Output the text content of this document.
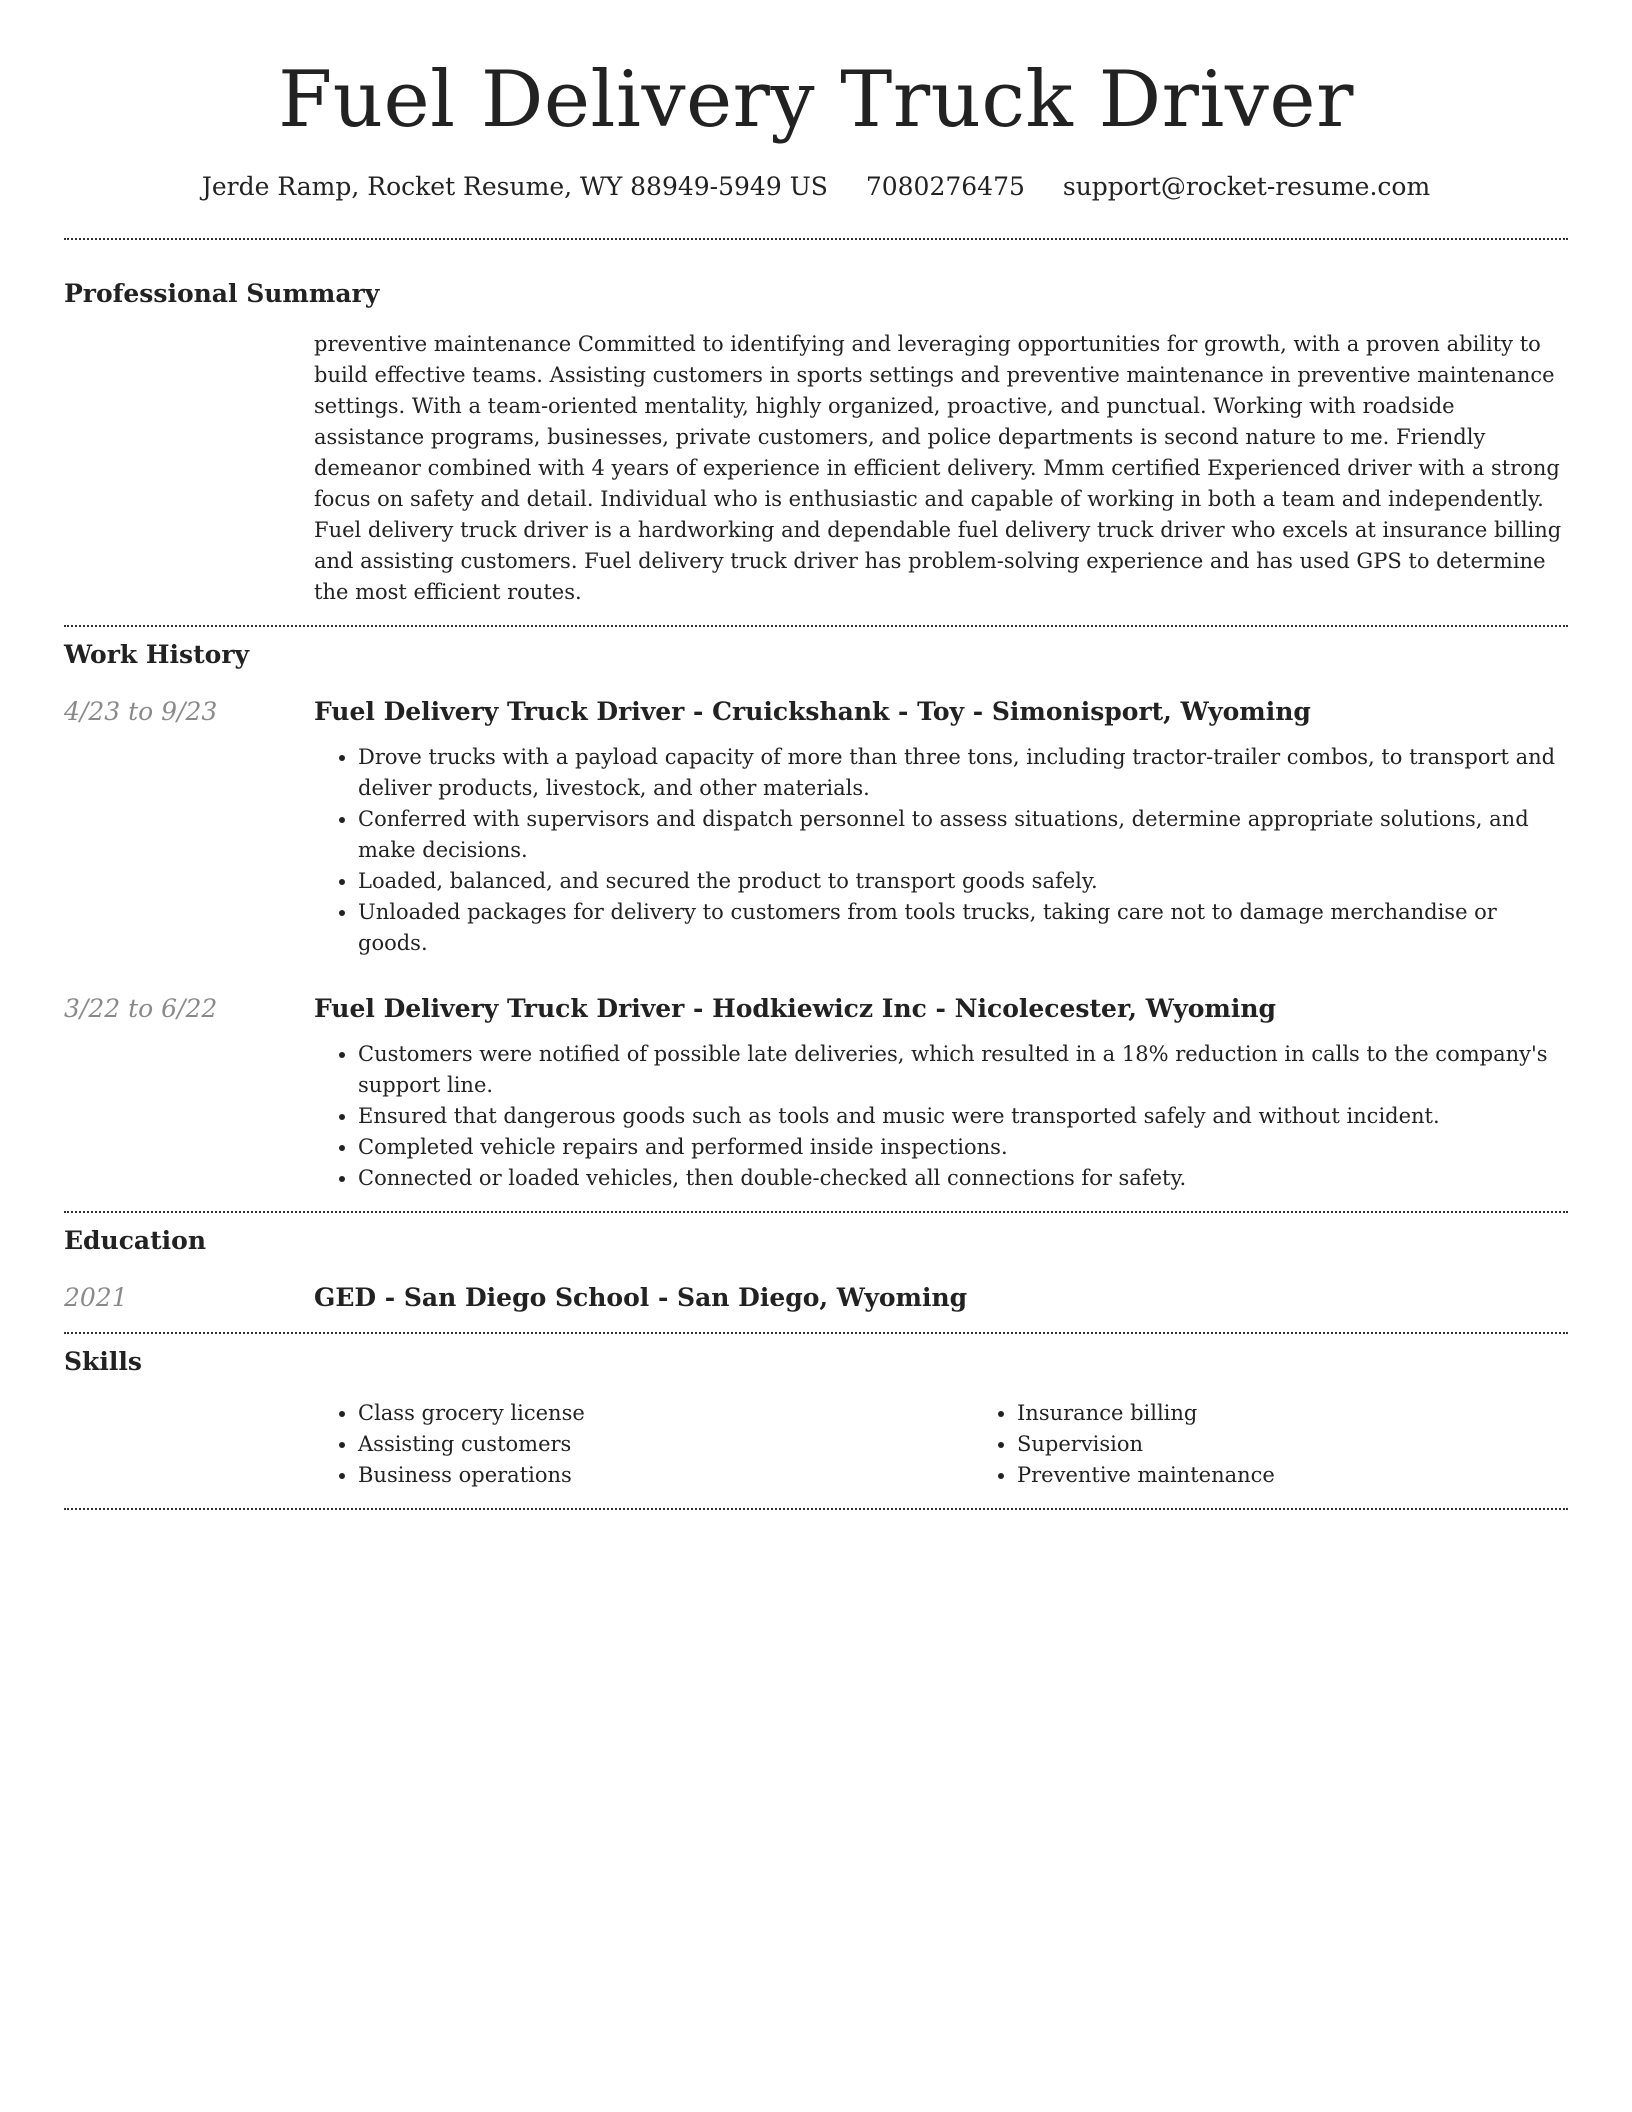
Fuel Delivery Truck Driver
Jerde Ramp, Rocket Resume, WY 88949-5949 US 7080276475 support@rocket-resume.com
Professional Summary

preventive maintenance Committed to identifying and leveraging opportunities for growth, with a proven ability to build effective teams. Assisting customers in sports settings and preventive maintenance in preventive maintenance settings. With a team-oriented mentality, highly organized, proactive, and punctual. Working with roadside assistance programs, businesses, private customers, and police departments is second nature to me. Friendly demeanor combined with 4 years of experience in efficient delivery. Mmm certified Experienced driver with a strong focus on safety and detail. Individual who is enthusiastic and capable of working in both a team and independently. Fuel delivery truck driver is a hardworking and dependable fuel delivery truck driver who excels at insurance billing and assisting customers. Fuel delivery truck driver has problem-solving experience and has used GPS to determine the most efficient routes.

Work History
4/23 to 9/23	Fuel Delivery Truck Driver - Cruickshank - Toy - Simonisport, Wyoming
• Drove trucks with a payload capacity of more than three tons, including tractor-trailer combos, to transport and deliver products, livestock, and other materials.
• Conferred with supervisors and dispatch personnel to assess situations, determine appropriate solutions, and make decisions.
• Loaded, balanced, and secured the product to transport goods safely.
• Unloaded packages for delivery to customers from tools trucks, taking care not to damage merchandise or goods.
3/22 to 6/22	Fuel Delivery Truck Driver - Hodkiewicz Inc - Nicolecester, Wyoming
• Customers were notified of possible late deliveries, which resulted in a 18% reduction in calls to the company's support line.
• Ensured that dangerous goods such as tools and music were transported safely and without incident.
• Completed vehicle repairs and performed inside inspections.
• Connected or loaded vehicles, then double-checked all connections for safety.
Education
2021	GED - San Diego School - San Diego, Wyoming
Skills
• Class grocery license
• Assisting customers
• Business operations
• Insurance billing
• Supervision
• Preventive maintenance
